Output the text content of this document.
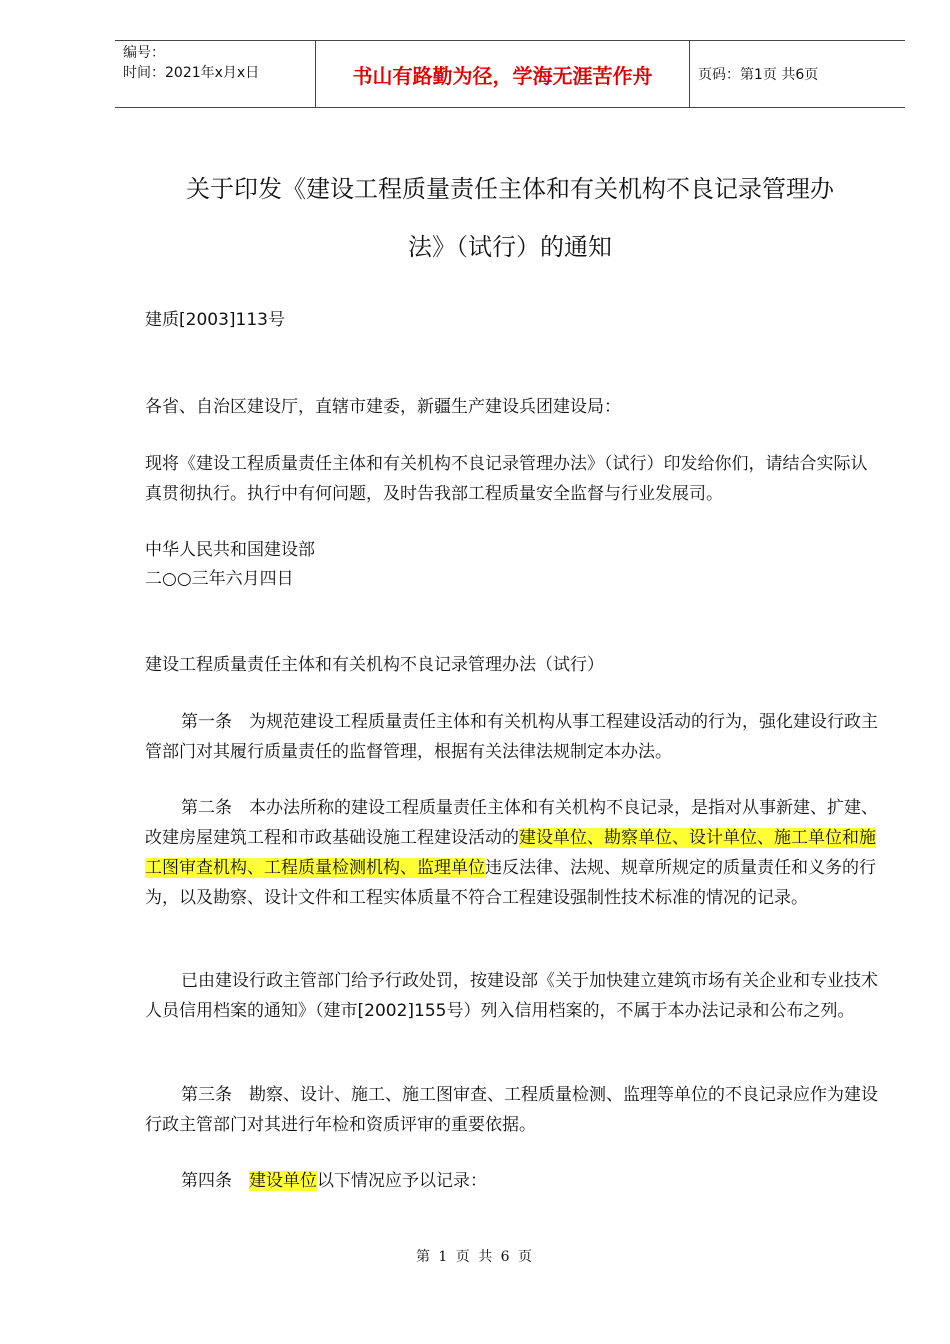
编号：
时间：2021年x月x日	书山有路勤为径，学海无涯苦作舟	页码：第1页 共6页
关于印发《建设工程质量责任主体和有关机构不良记录管理办
法》（试行）的通知

建质[2003]113号

各省、自治区建设厅，直辖市建委，新疆生产建设兵团建设局：

现将《建设工程质量责任主体和有关机构不良记录管理办法》（试行）印发给你们，请结合实际认真贯彻执行。执行中有何问题，及时告我部工程质量安全监督与行业发展司。

中华人民共和国建设部

二○○三年六月四日

建设工程质量责任主体和有关机构不良记录管理办法（试行）

第一条　为规范建设工程质量责任主体和有关机构从事工程建设活动的行为，强化建设行政主管部门对其履行质量责任的监督管理，根据有关法律法规制定本办法。

第二条　本办法所称的建设工程质量责任主体和有关机构不良记录，是指对从事新建、扩建、改建房屋建筑工程和市政基础设施工程建设活动的建设单位、勘察单位、设计单位、施工单位和施工图审查机构、工程质量检测机构、监理单位违反法律、法规、规章所规定的质量责任和义务的行为，以及勘察、设计文件和工程实体质量不符合工程建设强制性技术标准的情况的记录。

已由建设行政主管部门给予行政处罚，按建设部《关于加快建立建筑市场有关企业和专业技术人员信用档案的通知》（建市[2002]155号）列入信用档案的，不属于本办法记录和公布之列。

第三条　勘察、设计、施工、施工图审查、工程质量检测、监理等单位的不良记录应作为建设行政主管部门对其进行年检和资质评审的重要依据。

第四条　建设单位以下情况应予以记录：

第 1 页 共 6 页
